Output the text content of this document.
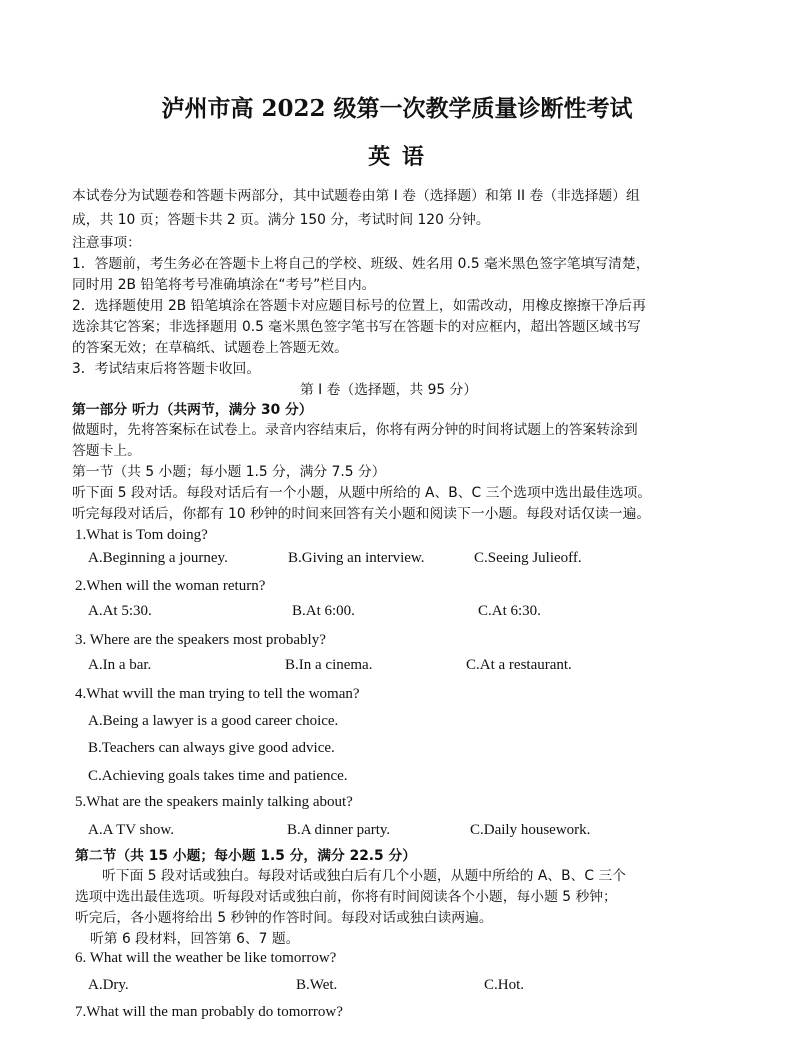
泸州市高 2022 级第一次教学质量诊断性考试
英 语
本试卷分为试题卷和答题卡两部分，其中试题卷由第 I 卷（选择题）和第 II 卷（非选择题）组
成，共 10 页；答题卡共 2 页。满分 150 分，考试时间 120 分钟。
注意事项：
1．答题前，考生务必在答题卡上将自己的学校、班级、姓名用 0.5 毫米黑色签字笔填写清楚，
同时用 2B 铅笔将考号准确填涂在“考号”栏目内。
2．选择题使用 2B 铅笔填涂在答题卡对应题目标号的位置上，如需改动，用橡皮擦擦干净后再
选涂其它答案；非选择题用 0.5 毫米黑色签字笔书写在答题卡的对应框内，超出答题区域书写
的答案无效；在草稿纸、试题卷上答题无效。
3．考试结束后将答题卡收回。
第 I 卷（选择题，共 95 分）
第一部分 听力（共两节，满分 30 分）
做题时，先将答案标在试卷上。录音内容结束后，你将有两分钟的时间将试题上的答案转涂到
答题卡上。
第一节（共 5 小题；每小题 1.5 分，满分 7.5 分）
听下面 5 段对话。每段对话后有一个小题，从题中所给的 A、B、C 三个选项中选出最佳选项。
听完每段对话后，你都有 10 秒钟的时间来回答有关小题和阅读下一小题。每段对话仅读一遍。
1.What is Tom doing?
A.Beginning a journey.	B.Giving an interview.	C.Seeing Julieoff.
2.When will the woman return?
A.At 5:30.	B.At 6:00.	C.At 6:30.
3. Where are the speakers most probably?
A.In a bar.	B.In a cinema.	C.At a restaurant.
4.What wvill the man trying to tell the woman?
A.Being a lawyer is a good career choice.
B.Teachers can always give good advice.
C.Achieving goals takes time and patience.
5.What are the speakers mainly talking about?
A.A TV show.	B.A dinner party.	C.Daily housework.
第二节（共 15 小题；每小题 1.5 分，满分 22.5 分）
听下面 5 段对话或独白。每段对话或独白后有几个小题，从题中所给的 A、B、C 三个
选项中选出最佳选项。听每段对话或独白前，你将有时间阅读各个小题，每小题 5 秒钟；
听完后，各小题将给出 5 秒钟的作答时间。每段对话或独白读两遍。
听第 6 段材料，回答第 6、7 题。
6. What will the weather be like tomorrow?
A.Dry.	B.Wet.	C.Hot.
7.What will the man probably do tomorrow?
